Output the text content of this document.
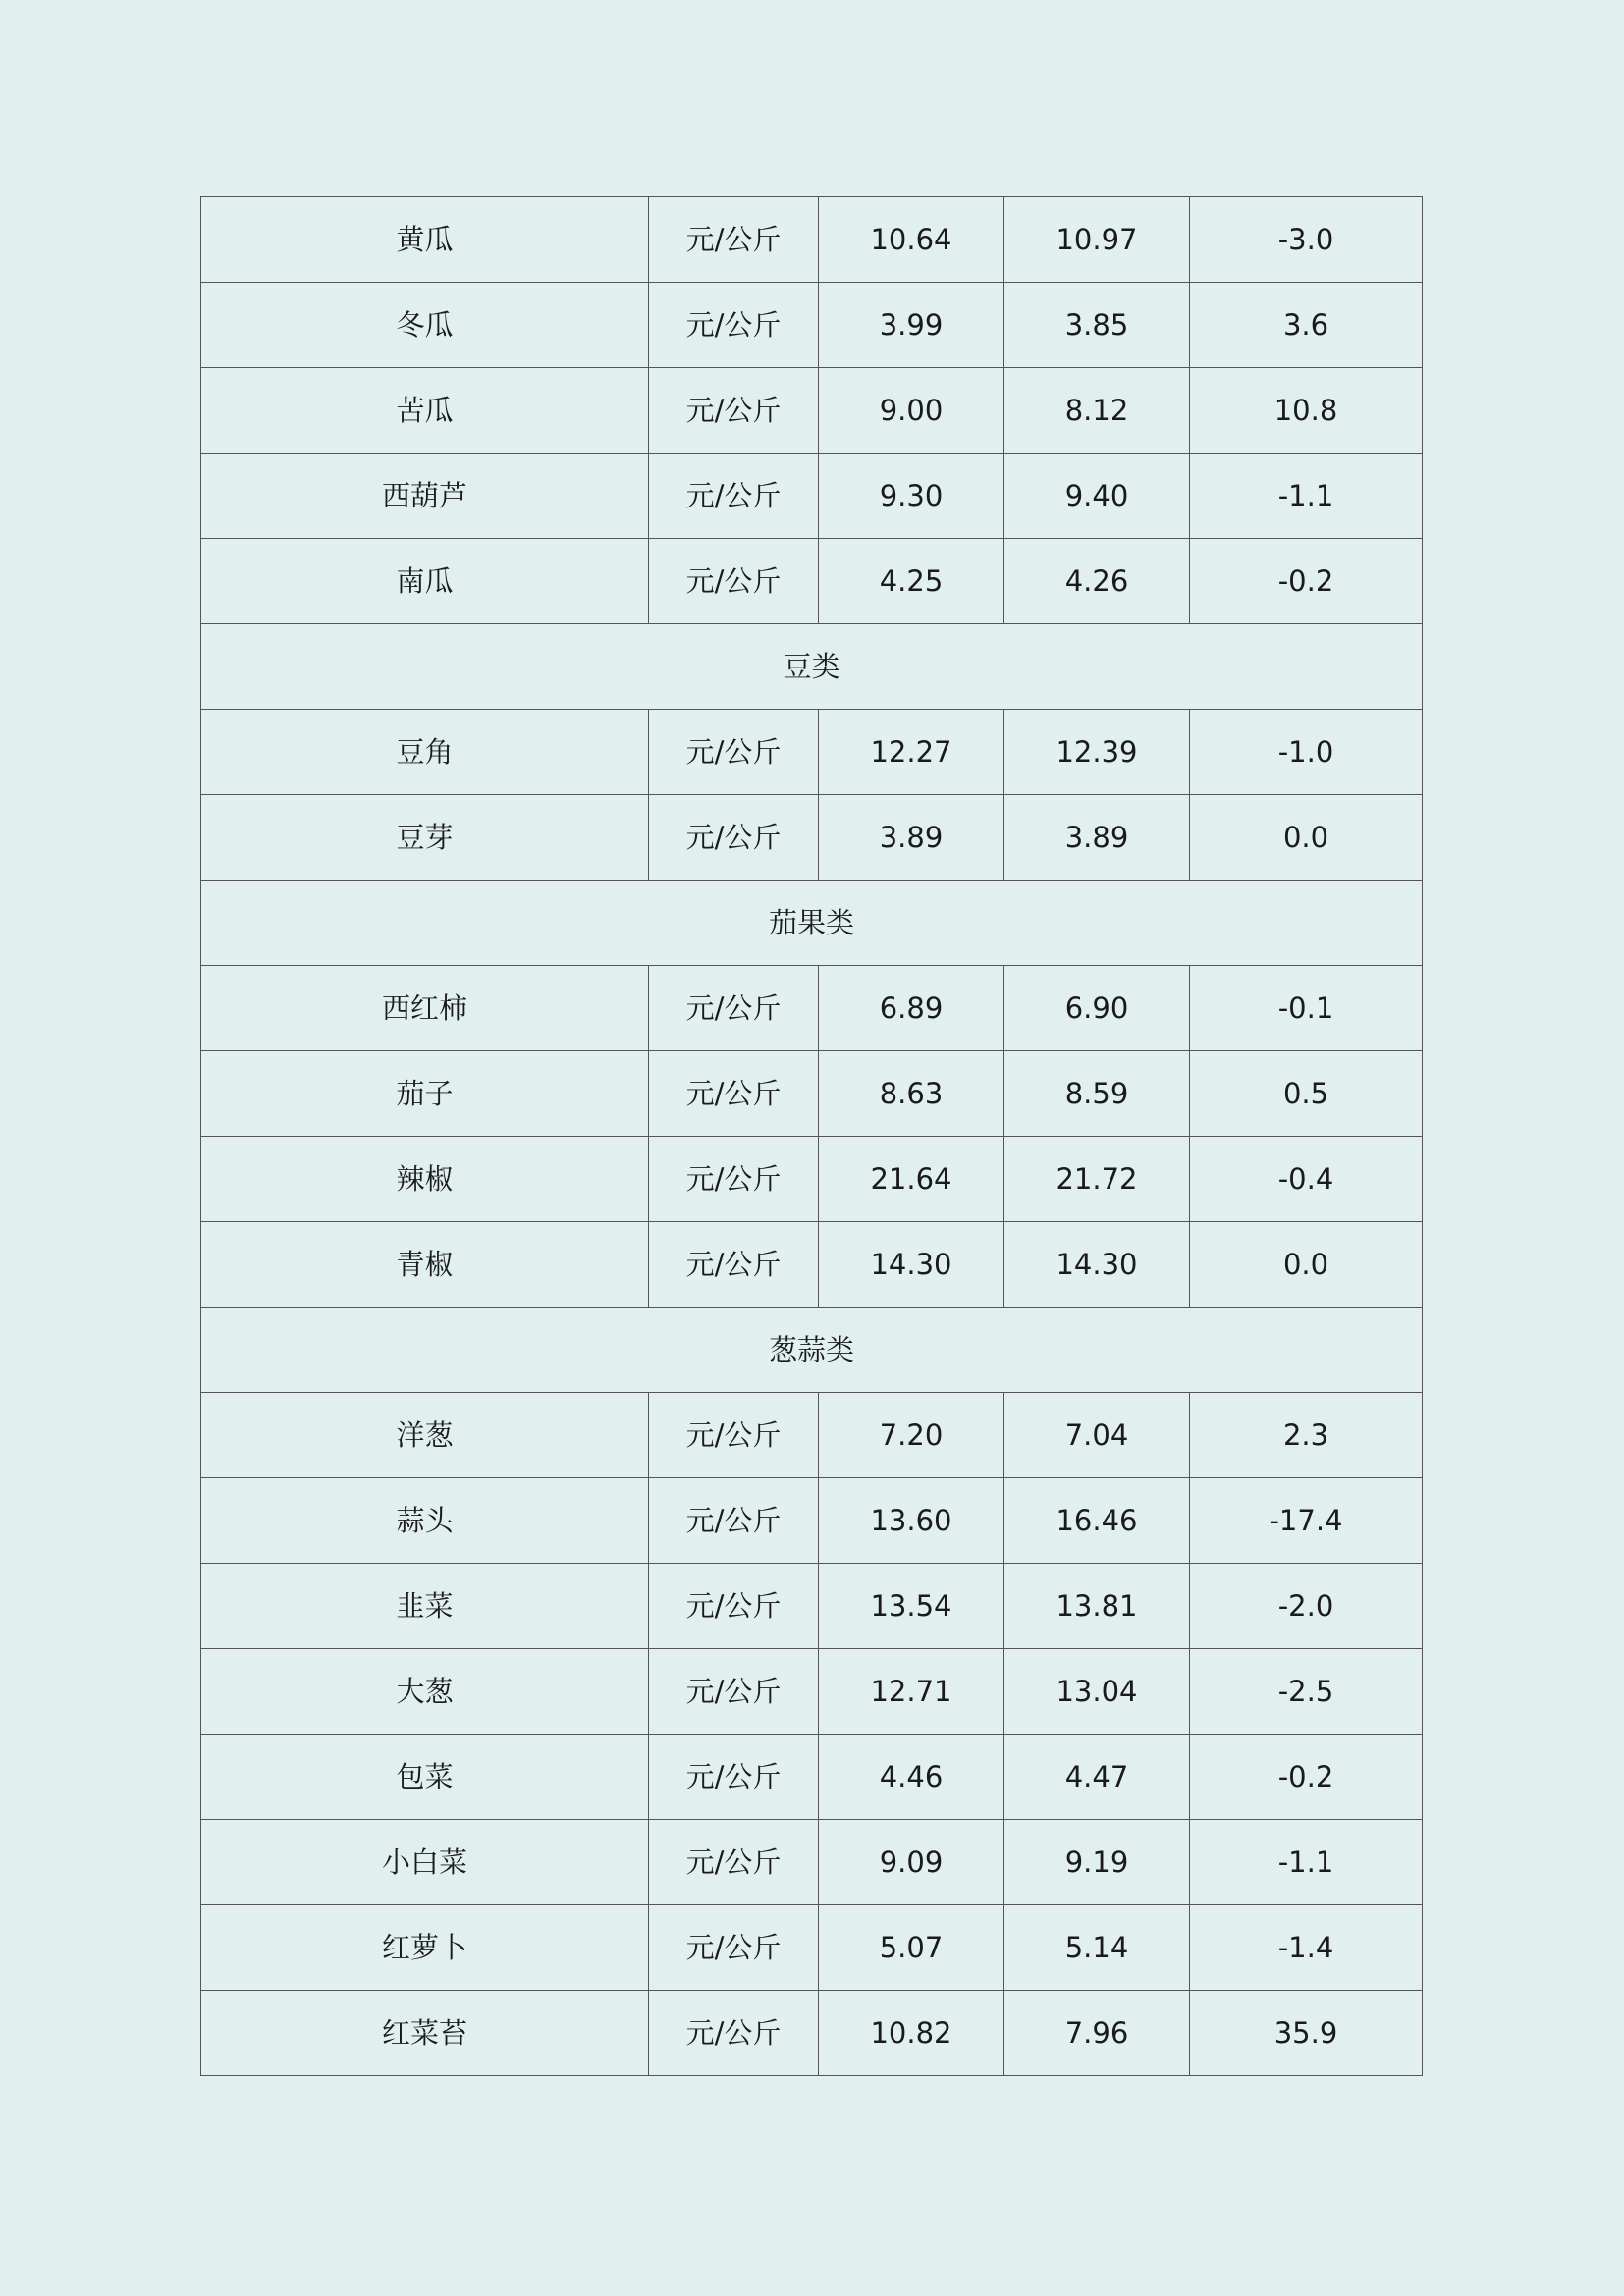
黄瓜	元/公斤	10.64	10.97	-3.0
冬瓜	元/公斤	3.99	3.85	3.6
苦瓜	元/公斤	9.00	8.12	10.8
西葫芦	元/公斤	9.30	9.40	-1.1
南瓜	元/公斤	4.25	4.26	-0.2
豆类				
豆角	元/公斤	12.27	12.39	-1.0
豆芽	元/公斤	3.89	3.89	0.0
茄果类				
西红柿	元/公斤	6.89	6.90	-0.1
茄子	元/公斤	8.63	8.59	0.5
辣椒	元/公斤	21.64	21.72	-0.4
青椒	元/公斤	14.30	14.30	0.0
葱蒜类				
洋葱	元/公斤	7.20	7.04	2.3
蒜头	元/公斤	13.60	16.46	-17.4
韭菜	元/公斤	13.54	13.81	-2.0
大葱	元/公斤	12.71	13.04	-2.5
包菜	元/公斤	4.46	4.47	-0.2
小白菜	元/公斤	9.09	9.19	-1.1
红萝卜	元/公斤	5.07	5.14	-1.4
红菜苔	元/公斤	10.82	7.96	35.9
